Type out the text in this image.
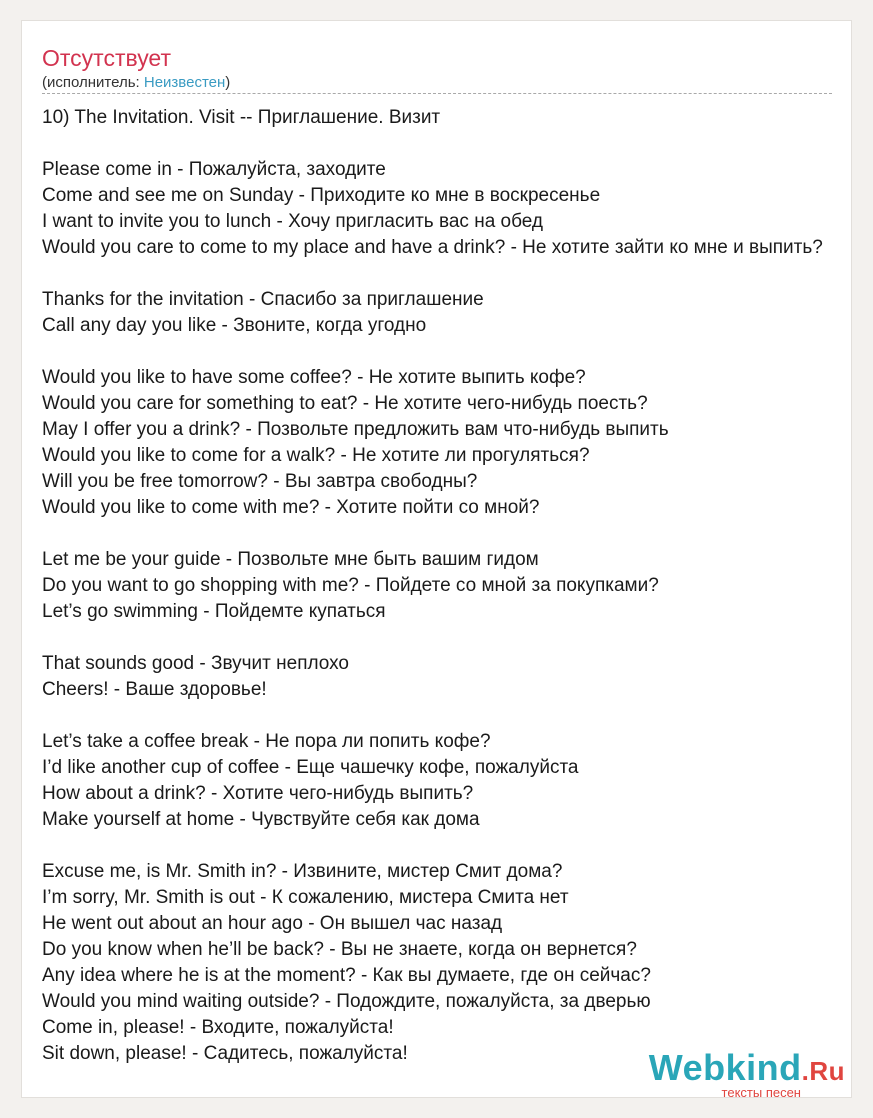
Отсутствует
(исполнитель: Неизвестен)
10) The Invitation. Visit -- Приглашение. Визит
Please come in - Пожалуйста, заходите
Come and see me on Sunday - Приходите ко мне в воскресенье
I want to invite you to lunch - Хочу пригласить вас на обед
Would you care to come to my place and have a drink? - Не хотите зайти ко мне и выпить?
Thanks for the invitation - Спасибо за приглашение
Call any day you like - Звоните, когда угодно
Would you like to have some coffee? - Не хотите выпить кофе?
Would you care for something to eat? - Не хотите чего-нибудь поесть?
May I offer you a drink? - Позвольте предложить вам что-нибудь выпить
Would you like to come for a walk? - Не хотите ли прогуляться?
Will you be free tomorrow? - Вы завтра свободны?
Would you like to come with me? - Хотите пойти со мной?
Let me be your guide - Позвольте мне быть вашим гидом
Do you want to go shopping with me? - Пойдете со мной за покупками?
Let’s go swimming - Пойдемте купаться
That sounds good - Звучит неплохо
Cheers! - Ваше здоровье!
Let’s take a coffee break - Не пора ли попить кофе?
I’d like another cup of coffee - Еще чашечку кофе, пожалуйста
How about a drink? - Хотите чего-нибудь выпить?
Make yourself at home - Чувствуйте себя как дома
Excuse me, is Mr. Smith in? - Извините, мистер Смит дома?
I’m sorry, Mr. Smith is out - К сожалению, мистера Смита нет
He went out about an hour ago - Он вышел час назад
Do you know when he’ll be back? - Вы не знаете, когда он вернется?
Any idea where he is at the moment? - Как вы думаете, где он сейчас?
Would you mind waiting outside? - Подождите, пожалуйста, за дверью
Come in, please! - Входите, пожалуйста!
Sit down, please! - Садитесь, пожалуйста!	Webkind.Ru
тексты песен
